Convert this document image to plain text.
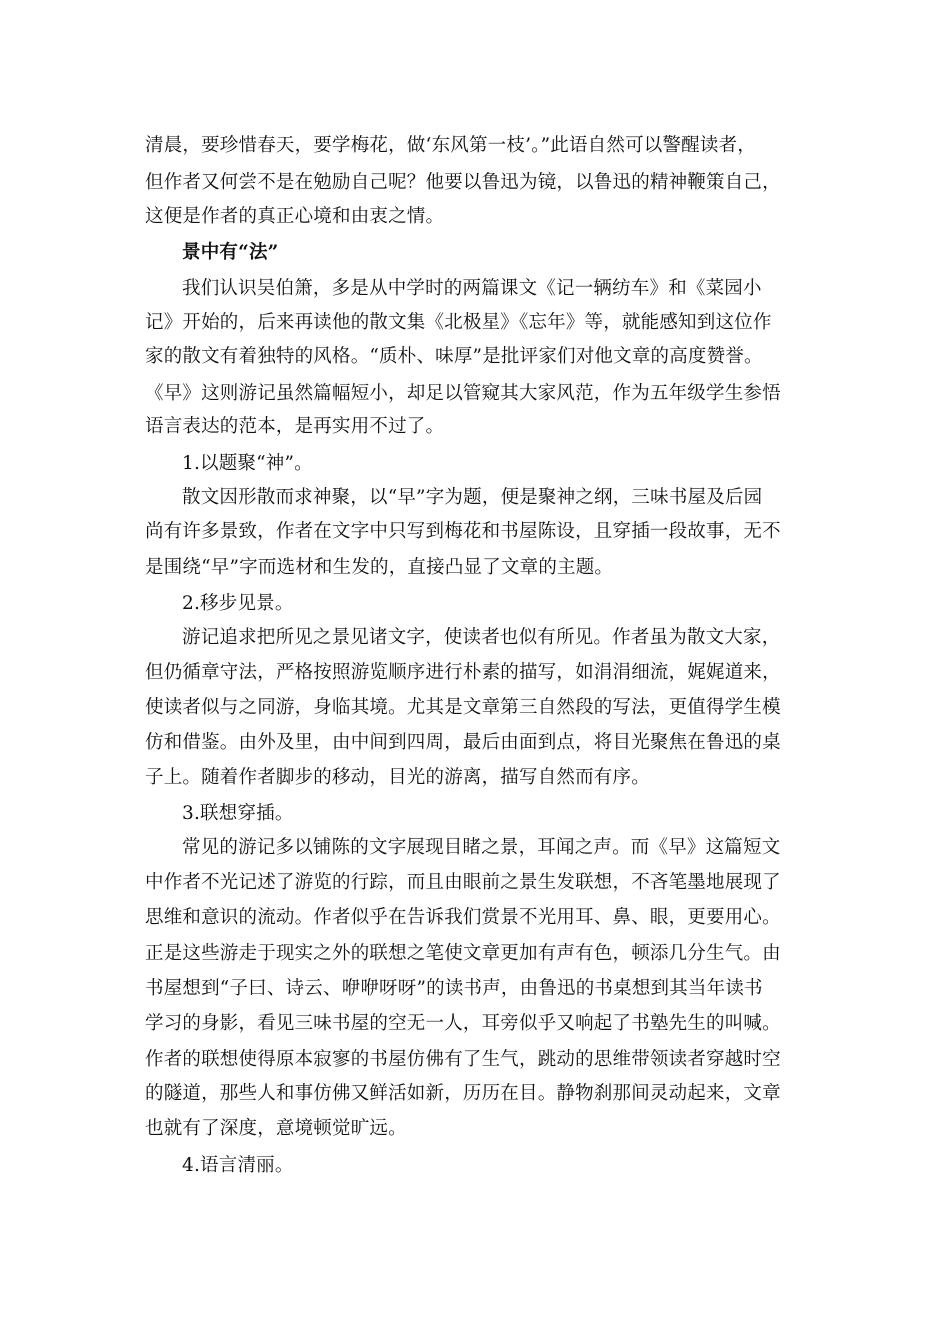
清晨，要珍惜春天，要学梅花，做‘东风第一枝’。”此语自然可以警醒读者，
但作者又何尝不是在勉励自己呢？他要以鲁迅为镜，以鲁迅的精神鞭策自己，
这便是作者的真正心境和由衷之情。
景中有“法”
我们认识吴伯箫，多是从中学时的两篇课文《记一辆纺车》和《菜园小
记》开始的，后来再读他的散文集《北极星》《忘年》等，就能感知到这位作
家的散文有着独特的风格。“质朴、味厚”是批评家们对他文章的高度赞誉。
《早》这则游记虽然篇幅短小，却足以管窥其大家风范，作为五年级学生参悟
语言表达的范本，是再实用不过了。
1.以题聚“神”。
散文因形散而求神聚，以“早”字为题，便是聚神之纲，三味书屋及后园
尚有许多景致，作者在文字中只写到梅花和书屋陈设，且穿插一段故事，无不
是围绕“早”字而选材和生发的，直接凸显了文章的主题。
2.移步见景。
游记追求把所见之景见诸文字，使读者也似有所见。作者虽为散文大家，
但仍循章守法，严格按照游览顺序进行朴素的描写，如涓涓细流，娓娓道来，
使读者似与之同游，身临其境。尤其是文章第三自然段的写法，更值得学生模
仿和借鉴。由外及里，由中间到四周，最后由面到点，将目光聚焦在鲁迅的桌
子上。随着作者脚步的移动，目光的游离，描写自然而有序。
3.联想穿插。
常见的游记多以铺陈的文字展现目睹之景，耳闻之声。而《早》这篇短文
中作者不光记述了游览的行踪，而且由眼前之景生发联想，不吝笔墨地展现了
思维和意识的流动。作者似乎在告诉我们赏景不光用耳、鼻、眼，更要用心。
正是这些游走于现实之外的联想之笔使文章更加有声有色，顿添几分生气。由
书屋想到“子曰、诗云、咿咿呀呀”的读书声，由鲁迅的书桌想到其当年读书
学习的身影，看见三味书屋的空无一人，耳旁似乎又响起了书塾先生的叫喊。
作者的联想使得原本寂寥的书屋仿佛有了生气，跳动的思维带领读者穿越时空
的隧道，那些人和事仿佛又鲜活如新，历历在目。静物刹那间灵动起来，文章
也就有了深度，意境顿觉旷远。
4.语言清丽。
